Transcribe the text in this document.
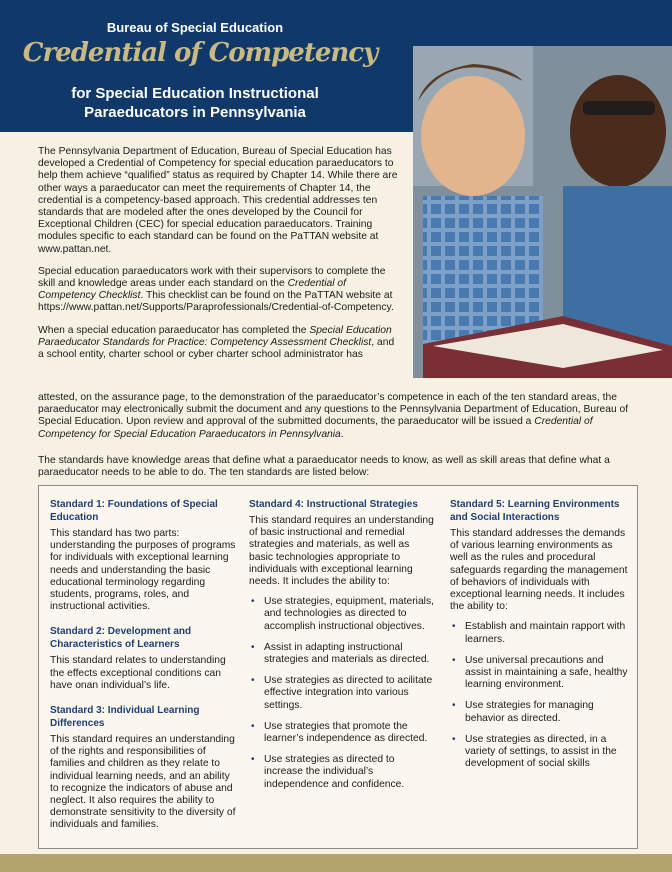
Bureau of Special Education
Credential of Competency
for Special Education Instructional
Paraeducators in Pennsylvania

The Pennsylvania Department of Education, Bureau of Special Education has developed a Credential of Competency for special education paraeducators to help them achieve “qualified” status as required by Chapter 14. While there are other ways a paraeducator can meet the requirements of Chapter 14, the credential is a competency-based approach. This credential addresses ten standards that are modeled after the ones developed by the Council for Exceptional Children (CEC) for special education paraeducators. Training modules specific to each standard can be found on the PaTTAN website at www.pattan.net.

Special education paraeducators work with their supervisors to complete the skill and knowledge areas under each standard on the Credential of Competency Checklist. This checklist can be found on the PaTTAN website at https://www.pattan.net/Supports/Paraprofessionals/Credential-of-Competency.

When a special education paraeducator has completed the Special Education Paraeducator Standards for Practice: Competency Assessment Checklist, and a school entity, charter school or cyber charter school administrator has

attested, on the assurance page, to the demonstration of the paraeducator’s competence in each of the ten standard areas, the paraeducator may electronically submit the document and any questions to the Pennsylvania Department of Education, Bureau of Special Education. Upon review and approval of the submitted documents, the paraeducator will be issued a Credential of Competency for Special Education Paraeducators in Pennsylvania.

The standards have knowledge areas that define what a paraeducator needs to know, as well as skill areas that define what a paraeducator needs to be able to do. The ten standards are listed below:

Standard 1: Foundations of Special Education

This standard has two parts: understanding the purposes of programs for individuals with exceptional learning needs and understanding the basic educational terminology regarding students, programs, roles, and instructional activities.

Standard 2: Development and Characteristics of Learners

This standard relates to understanding the effects exceptional conditions can have onan individual’s life.

Standard 3: Individual Learning Differences

This standard requires an understanding of the rights and responsibilities of families and children as they relate to individual learning needs, and an ability to recognize the indicators of abuse and neglect. It also requires the ability to demonstrate sensitivity to the diversity of individuals and families.

Standard 4: Instructional Strategies

This standard requires an understanding of basic instructional and remedial strategies and materials, as well as basic technologies appropriate to individuals with exceptional learning needs. It includes the ability to:

• Use strategies, equipment, materials, and technologies as directed to accomplish instructional objectives.
• Assist in adapting instructional strategies and materials as directed.
• Use strategies as directed to acilitate effective integration into various settings.
• Use strategies that promote the learner’s independence as directed.
• Use strategies as directed to increase the individual’s independence and confidence.
Standard 5: Learning Environments and Social Interactions

This standard addresses the demands of various learning environments as well as the rules and procedural safeguards regarding the management of behaviors of individuals with exceptional learning needs. It includes the ability to:

• Establish and maintain rapport with learners.
• Use universal precautions and assist in maintaining a safe, healthy learning environment.
• Use strategies for managing behavior as directed.
• Use strategies as directed, in a variety of settings, to assist in the development of social skills
